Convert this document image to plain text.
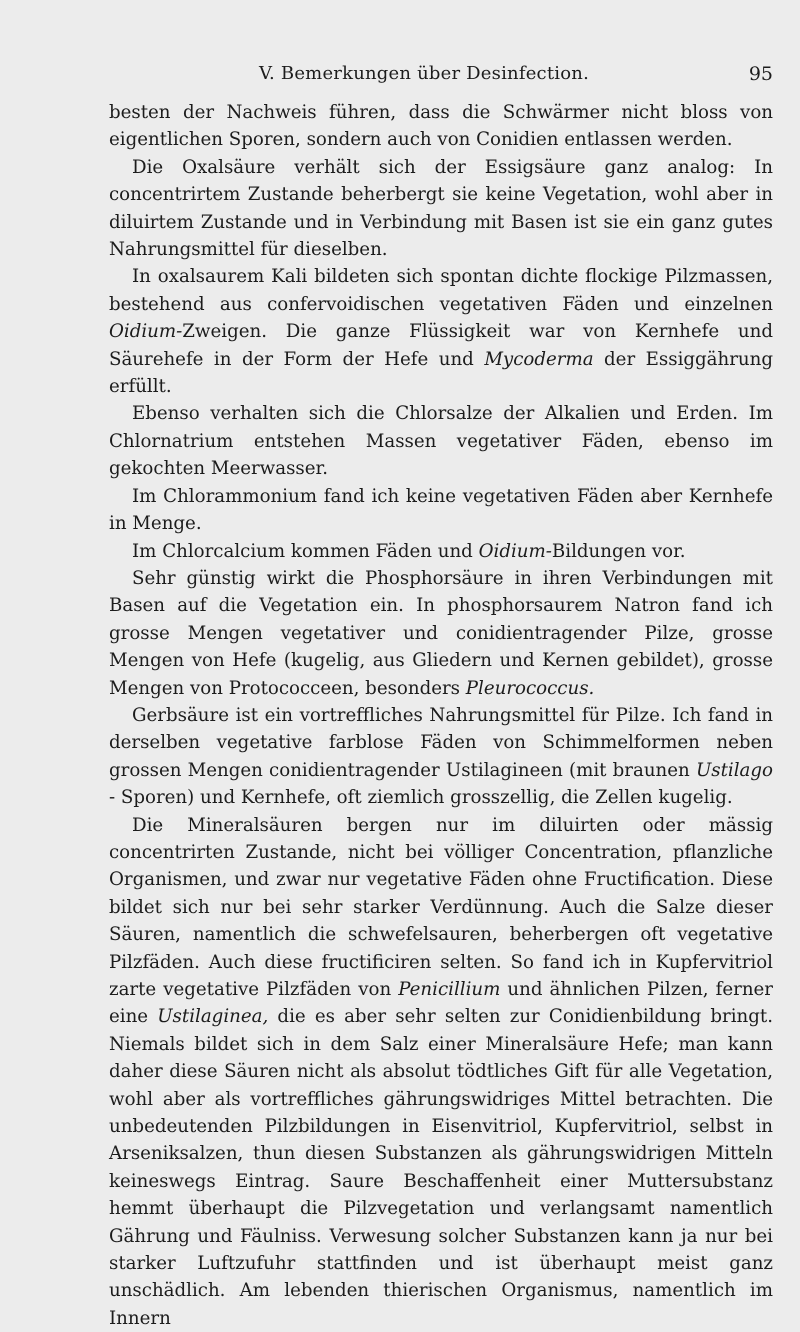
V. Bemerkungen über Desinfection.	95

besten der Nachweis führen, dass die Schwärmer nicht bloss von eigentlichen Sporen, sondern auch von Conidien entlassen werden.

Die Oxalsäure verhält sich der Essigsäure ganz analog: In concentrirtem Zustande beherbergt sie keine Vegetation, wohl aber in diluirtem Zustande und in Verbindung mit Basen ist sie ein ganz gutes Nahrungsmittel für dieselben.

In oxalsaurem Kali bildeten sich spontan dichte flockige Pilzmassen, bestehend aus confervoidischen vegetativen Fäden und einzelnen Oidium-Zweigen. Die ganze Flüssigkeit war von Kernhefe und Säurehefe in der Form der Hefe und Mycoderma der Essiggährung erfüllt.

Ebenso verhalten sich die Chlorsalze der Alkalien und Erden. Im Chlornatrium entstehen Massen vegetativer Fäden, ebenso im gekochten Meerwasser.

Im Chlorammonium fand ich keine vegetativen Fäden aber Kernhefe in Menge.

Im Chlorcalcium kommen Fäden und Oidium-Bildungen vor.

Sehr günstig wirkt die Phosphorsäure in ihren Verbindungen mit Basen auf die Vegetation ein. In phosphorsaurem Natron fand ich grosse Mengen vegetativer und conidientragender Pilze, grosse Mengen von Hefe (kugelig, aus Gliedern und Kernen gebildet), grosse Mengen von Protococceen, besonders Pleurococcus.

Gerbsäure ist ein vortreffliches Nahrungsmittel für Pilze. Ich fand in derselben vegetative farblose Fäden von Schimmelformen neben grossen Mengen conidientragender Ustilagineen (mit braunen Ustilago - Sporen) und Kernhefe, oft ziemlich grosszellig, die Zellen kugelig.

Die Mineralsäuren bergen nur im diluirten oder mässig concentrirten Zustande, nicht bei völliger Concentration, pflanzliche Organismen, und zwar nur vegetative Fäden ohne Fructification. Diese bildet sich nur bei sehr starker Verdünnung. Auch die Salze dieser Säuren, namentlich die schwefelsauren, beherbergen oft vegetative Pilzfäden. Auch diese fructificiren selten. So fand ich in Kupfervitriol zarte vegetative Pilzfäden von Penicillium und ähnlichen Pilzen, ferner eine Ustilaginea, die es aber sehr selten zur Conidienbildung bringt. Niemals bildet sich in dem Salz einer Mineralsäure Hefe; man kann daher diese Säuren nicht als absolut tödtliches Gift für alle Vegetation, wohl aber als vortreffliches gährungswidriges Mittel betrachten. Die unbedeutenden Pilzbildungen in Eisenvitriol, Kupfervitriol, selbst in Arseniksalzen, thun diesen Substanzen als gährungswidrigen Mitteln keineswegs Eintrag. Saure Beschaffenheit einer Muttersubstanz hemmt überhaupt die Pilzvegetation und verlangsamt namentlich Gährung und Fäulniss. Verwesung solcher Substanzen kann ja nur bei starker Luftzufuhr stattfinden und ist überhaupt meist ganz unschädlich. Am lebenden thierischen Organismus, namentlich im Innern
